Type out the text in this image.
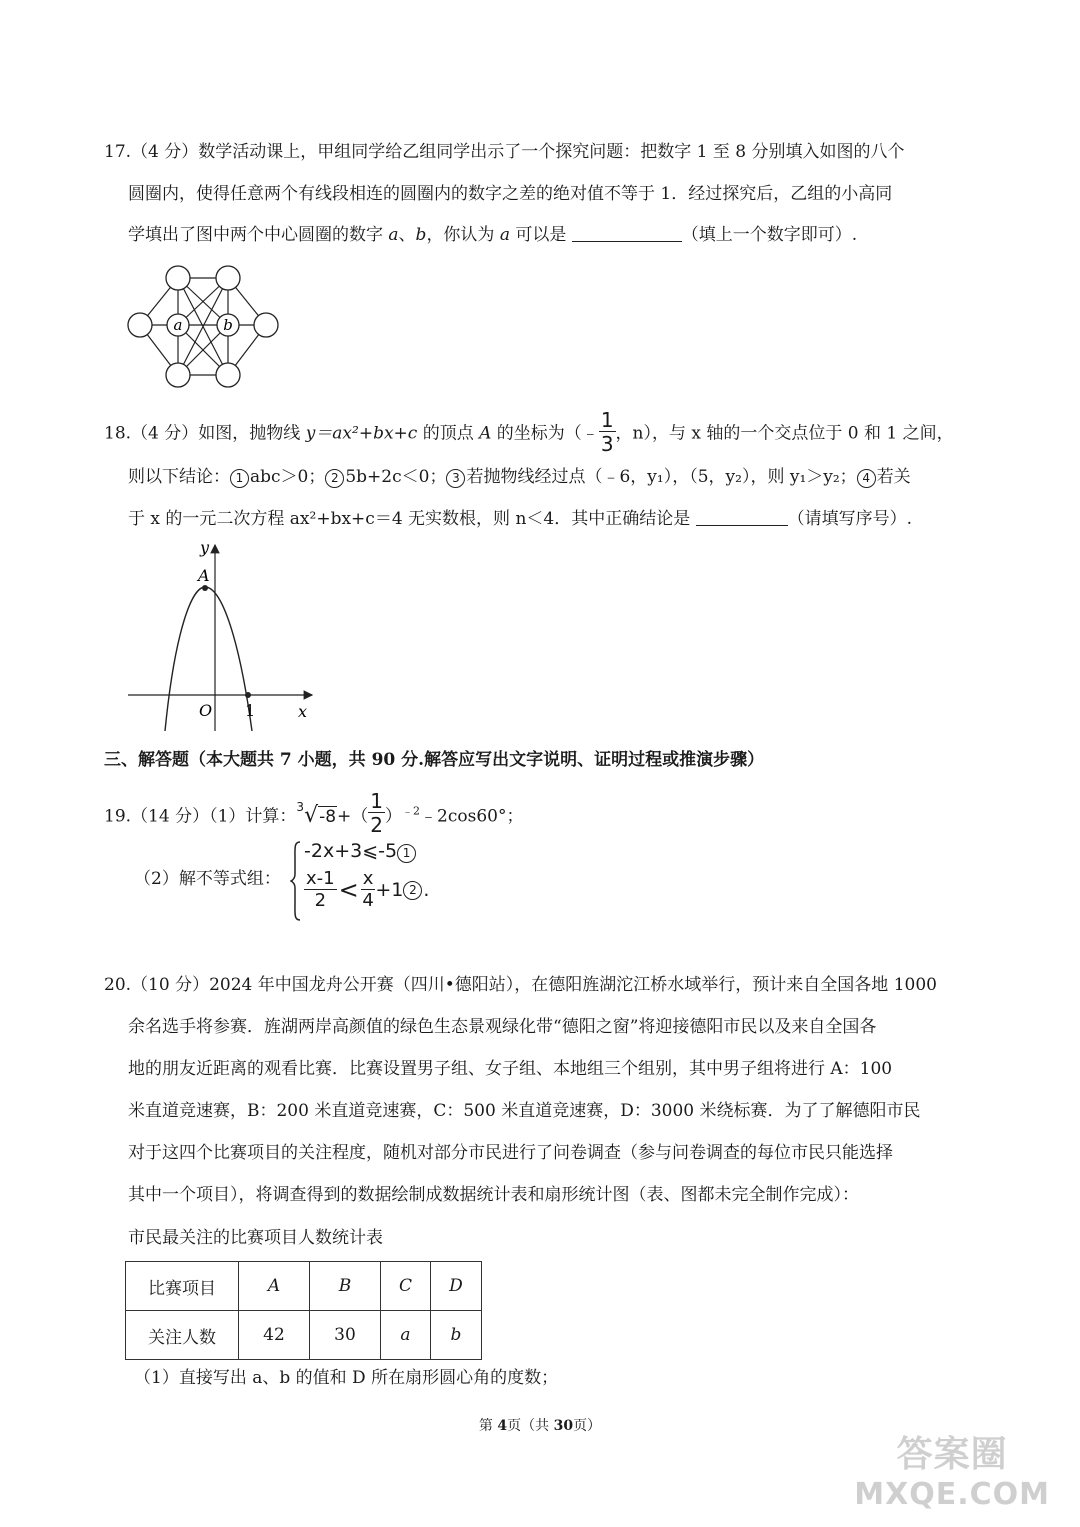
17.（4 分）数学活动课上，甲组同学给乙组同学出示了一个探究问题：把数字 1 至 8 分别填入如图的八个
圆圈内，使得任意两个有线段相连的圆圈内的数字之差的绝对值不等于 1．经过探究后，乙组的小高同
学填出了图中两个中心圆圈的数字 a、b，你认为 a 可以是	（填上一个数字即可）.
a	b
18.（4 分）如图，抛物线 y＝ax²+bx+c 的顶点 A 的坐标为（﹣ $\frac{1}{3}$ ，n），与 x 轴的一个交点位于 0 和 1 之间，
则以下结论： 1 abc＞0； 2 5b+2c＜0； 3 若抛物线经过点（﹣6，y₁），（5，y₂），则 y₁＞y₂； 4 若关
于 x 的一元二次方程 ax²+bx+c＝4 无实数根，则 n＜4．其中正确结论是	（请填写序号）.
A
y
x
O 1
三、解答题（本大题共 7 小题，共 90 分.解答应写出文字说明、证明过程或推演步骤）
19.（14 分）（1）计算：$^3√-8+( \frac{1}{2}$ ）$^{﹣2}﹣2\cos 60^\circ$；
（2）解不等式组：
-2x+3⩽-5 1
$\frac{x-1}{2} < \frac{x}{4} +1$ 2 .
20.（10 分）2024 年中国龙舟公开赛（四川•德阳站），在德阳旌湖沱江桥水域举行，预计来自全国各地 1000
余名选手将参赛．旌湖两岸高颜值的绿色生态景观绿化带“德阳之窗”将迎接德阳市民以及来自全国各
地的朋友近距离的观看比赛．比赛设置男子组、女子组、本地组三个组别，其中男子组将进行 A：100
米直道竞速赛，B：200 米直道竞速赛，C：500 米直道竞速赛，D：3000 米绕标赛．为了了解德阳市民
对于这四个比赛项目的关注程度，随机对部分市民进行了问卷调查（参与问卷调查的每位市民只能选择
其中一个项目），将调查得到的数据绘制成数据统计表和扇形统计图（表、图都未完全制作完成）：
市民最关注的比赛项目人数统计表
比赛项目	A	B	C	D
关注人数	42	30	a	b
（1）直接写出 a、b 的值和 D 所在扇形圆心角的度数；
第 4页（共 30页）
答案圈
MXQE.COM
